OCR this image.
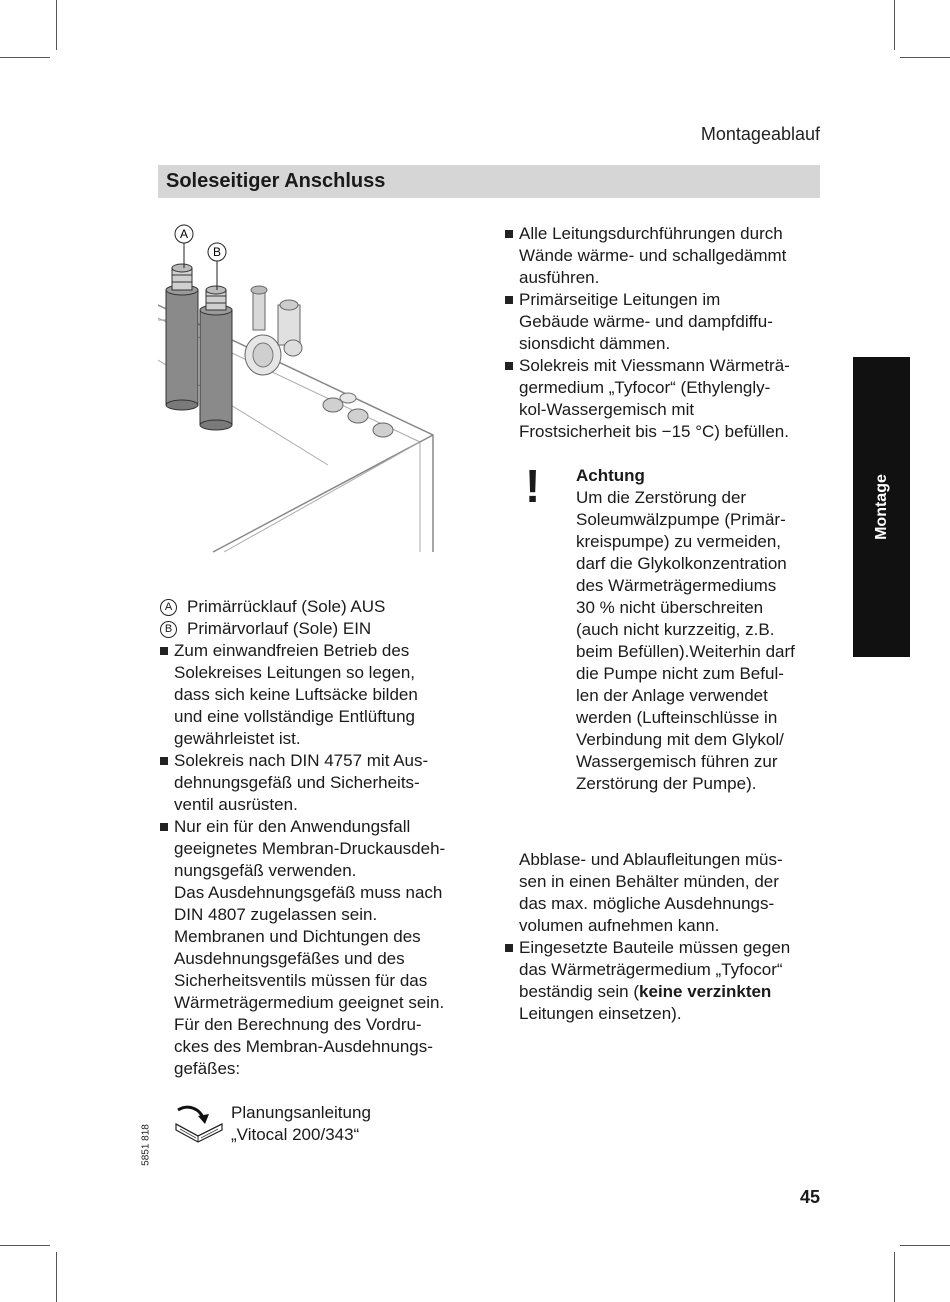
Montageablauf
Soleseitiger Anschluss
Montage
A
B
A Primärrücklauf (Sole) AUS
B Primärvorlauf (Sole) EIN
Zum einwandfreien Betrieb des
Solekreises Leitungen so legen,
dass sich keine Luftsäcke bilden
und eine vollständige Entlüftung
gewährleistet ist.
Solekreis nach DIN 4757 mit Aus-
dehnungsgefäß und Sicherheits-
ventil ausrüsten.
Nur ein für den Anwendungsfall
geeignetes Membran-Druckausdeh-
nungsgefäß verwenden.
Das Ausdehnungsgefäß muss nach
DIN 4807 zugelassen sein.
Membranen und Dichtungen des
Ausdehnungsgefäßes und des
Sicherheitsventils müssen für das
Wärmeträgermedium geeignet sein.
Für den Berechnung des Vordru-
ckes des Membran-Ausdehnungs-
gefäßes:
Planungsanleitung
„Vitocal 200/343“
Alle Leitungsdurchführungen durch
Wände wärme- und schallgedämmt
ausführen.
Primärseitige Leitungen im
Gebäude wärme- und dampfdiffu-
sionsdicht dämmen.
Solekreis mit Viessmann Wärmeträ-
germedium „Tyfocor“ (Ethylengly-
kol-Wassergemisch mit
Frostsicherheit bis −15 °C) befüllen.
! Achtung
Um die Zerstörung der
Soleumwälzpumpe (Primär-
kreispumpe) zu vermeiden,
darf die Glykolkonzentration
des Wärmeträgermediums
30 % nicht überschreiten
(auch nicht kurzzeitig, z.B.
beim Befüllen).Weiterhin darf
die Pumpe nicht zum Beful-
len der Anlage verwendet
werden (Lufteinschlüsse in
Verbindung mit dem Glykol/
Wassergemisch führen zur
Zerstörung der Pumpe).
Abblase- und Ablaufleitungen müs-
sen in einen Behälter münden, der
das max. mögliche Ausdehnungs-
volumen aufnehmen kann.
Eingesetzte Bauteile müssen gegen
das Wärmeträgermedium „Tyfocor“
beständig sein (keine verzinkten
Leitungen einsetzen).
5851 818
45
